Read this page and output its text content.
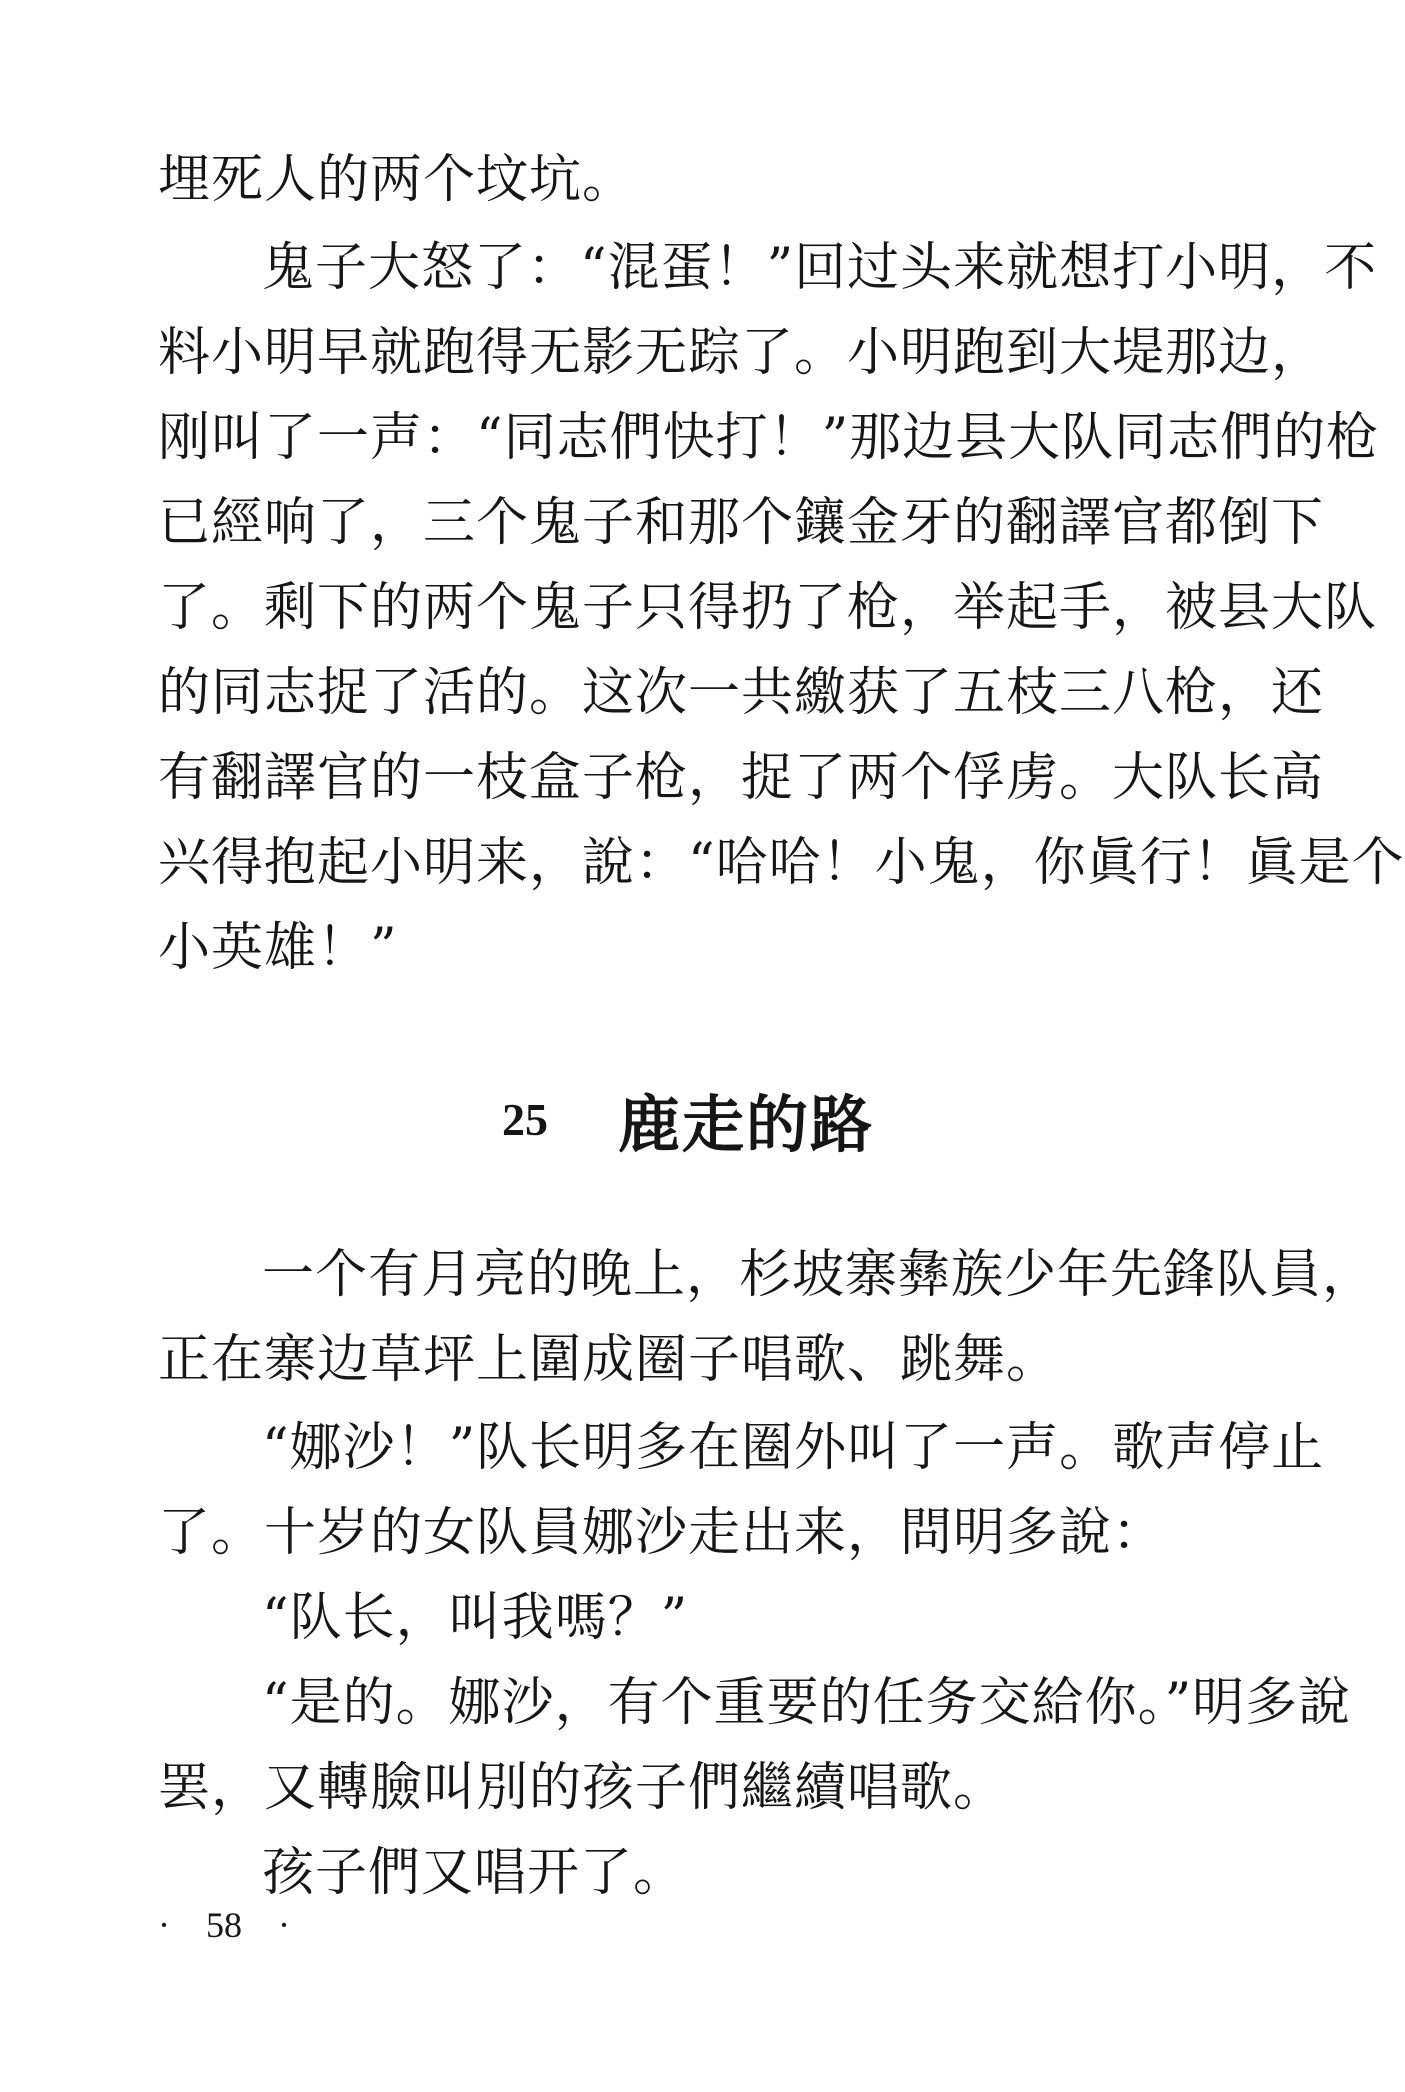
埋死人的两个坟坑。
鬼子大怒了：“混蛋！”回过头来就想打小明，不
料小明早就跑得无影无踪了。小明跑到大堤那边，
刚叫了一声：“同志們快打！”那边县大队同志們的枪
已經响了，三个鬼子和那个鑲金牙的翻譯官都倒下
了。剩下的两个鬼子只得扔了枪，举起手，被县大队
的同志捉了活的。这次一共繳获了五枝三八枪，还
有翻譯官的一枝盒子枪，捉了两个俘虏。大队长高
兴得抱起小明来，說：“哈哈！小鬼，你眞行！眞是个
小英雄！”
25 鹿走的路
一个有月亮的晚上，杉坡寨彝族少年先鋒队員，
正在寨边草坪上圍成圈子唱歌、跳舞。
“娜沙！”队长明多在圈外叫了一声。歌声停止
了。十岁的女队員娜沙走出来，問明多說：
“队长，叫我嗎？”
“是的。娜沙，有个重要的任务交給你。”明多說
罢，又轉臉叫別的孩子們繼續唱歌。
孩子們又唱开了。
· 58 ·
